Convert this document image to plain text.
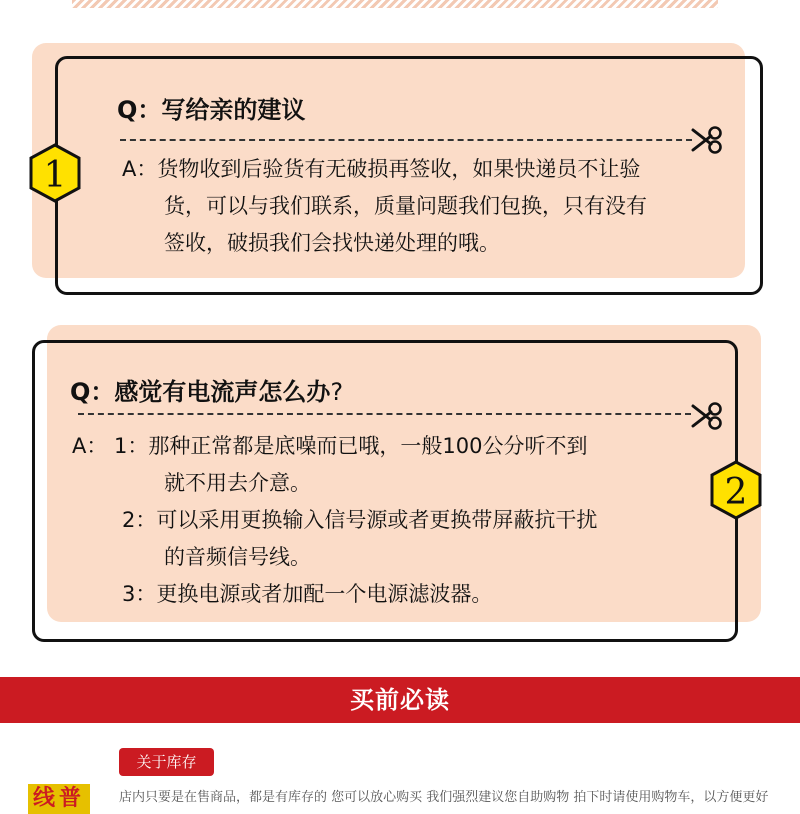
Q：写给亲的建议
1	A：货物收到后验货有无破损再签收，如果快递员不让验
货，可以与我们联系，质量问题我们包换，只有没有
签收，破损我们会找快递处理的哦。
Q：感觉有电流声怎么办?
2
A： 1：那种正常都是底噪而已哦，一般100公分听不到
就不用去介意。
2：可以采用更换输入信号源或者更换带屏蔽抗干扰
的音频信号线。
3：更换电源或者加配一个电源滤波器。
买前必读
关于库存
线普	店内只要是在售商品，都是有库存的 您可以放心购买 我们强烈建议您自助购物 拍下时请使用购物车，以方便更好
